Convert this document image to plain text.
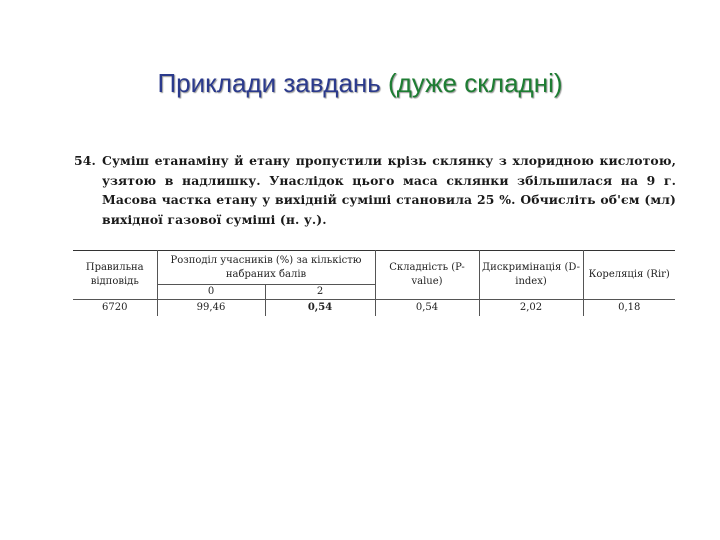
Приклади завдань (дуже складні)
54. Суміш етанаміну й етану пропустили крізь склянку з хлоридною кислотою, узятою в надлишку. Унаслідок цього маса склянки збільшилася на 9 г. Масова частка етану у вихідній суміші становила 25 %. Обчисліть об'єм (мл) вихідної газової суміші (н. у.).
Правильна відповідь	Розподіл учасників (%) за кількістю набраних балів		Складність (P-value)	Дискримінація (D-index)	Кореляція (Rir)
	0	2			
6720	99,46	0,54	0,54	2,02	0,18
